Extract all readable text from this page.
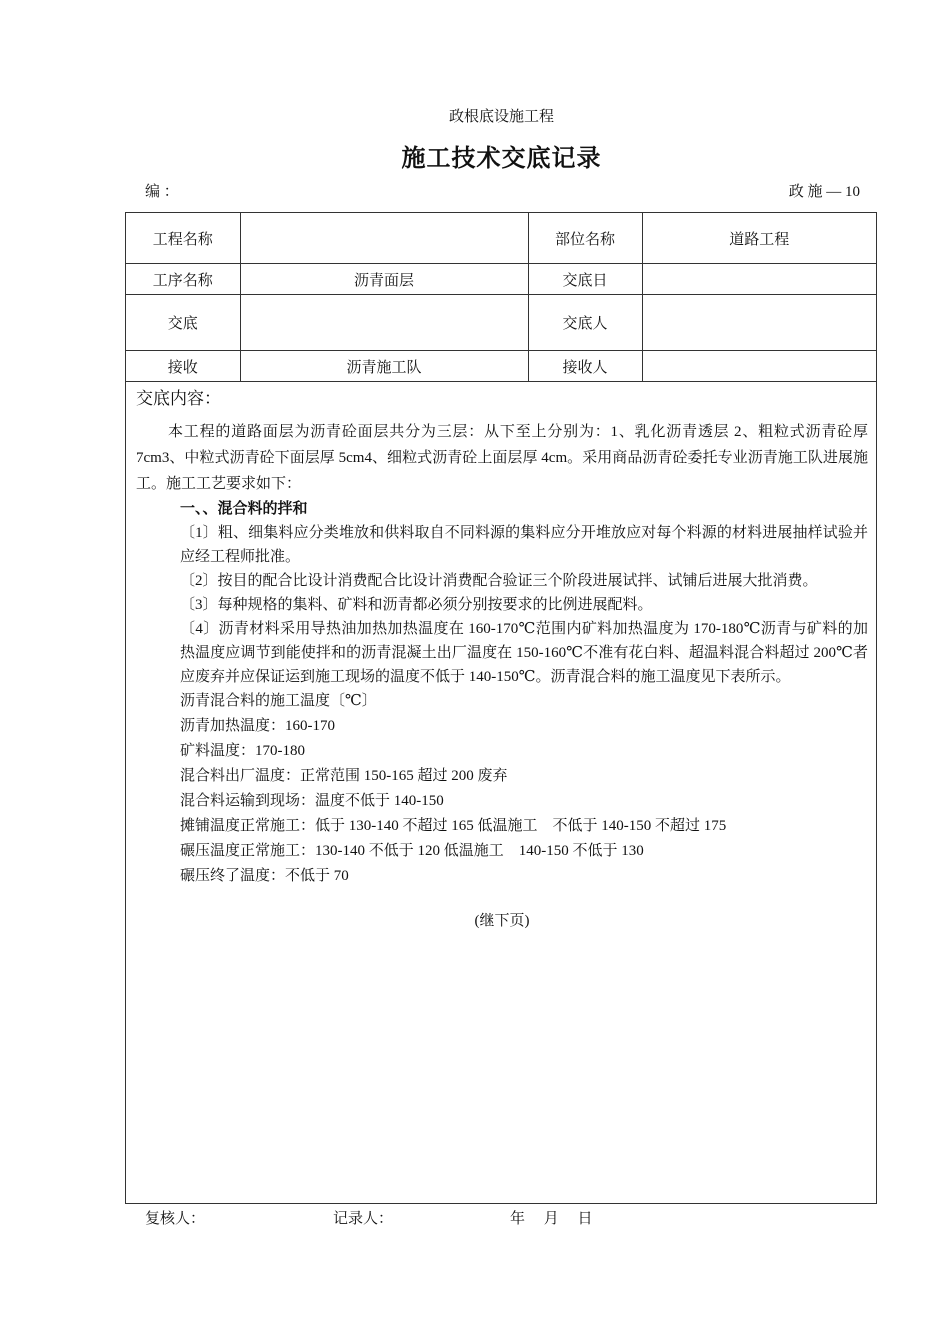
政根底设施工程
施工技术交底记录
编 ：	政 施 — 10
工程名称		部位名称	道路工程
工序名称	沥青面层	交底日	
交底		交底人	
接收	沥青施工队	接收人	
交底内容：
本工程的道路面层为沥青砼面层共分为三层：从下至上分别为：1、乳化沥青透层 2、粗粒式沥青砼厚 7cm3、中粒式沥青砼下面层厚 5cm4、细粒式沥青砼上面层厚 4cm。采用商品沥青砼委托专业沥青施工队进展施工。施工工艺要求如下：
一、、混合料的拌和
〔1〕粗、细集料应分类堆放和供料取自不同料源的集料应分开堆放应对每个料源的材料进展抽样试验并应经工程师批准。
〔2〕按目的配合比设计消费配合比设计消费配合验证三个阶段进展试拌、试铺后进展大批消费。
〔3〕每种规格的集料、矿料和沥青都必须分别按要求的比例进展配料。
〔4〕沥青材料采用导热油加热加热温度在 160-170℃范围内矿料加热温度为 170-180℃沥青与矿料的加热温度应调节到能使拌和的沥青混凝土出厂温度在 150-160℃不准有花白料、超温料混合料超过 200℃者应废弃并应保证运到施工现场的温度不低于 140-150℃。沥青混合料的施工温度见下表所示。
沥青混合料的施工温度〔℃〕
沥青加热温度：160-170
矿料温度：170-180
混合料出厂温度：正常范围 150-165 超过 200 废弃
混合料运输到现场：温度不低于 140-150
摊铺温度正常施工：低于 130-140 不超过 165 低温施工    不低于 140-150 不超过 175
碾压温度正常施工：130-140 不低于 120 低温施工    140-150 不低于 130
碾压终了温度：不低于 70
(继下页)
复核人：	记录人：	年     月     日
